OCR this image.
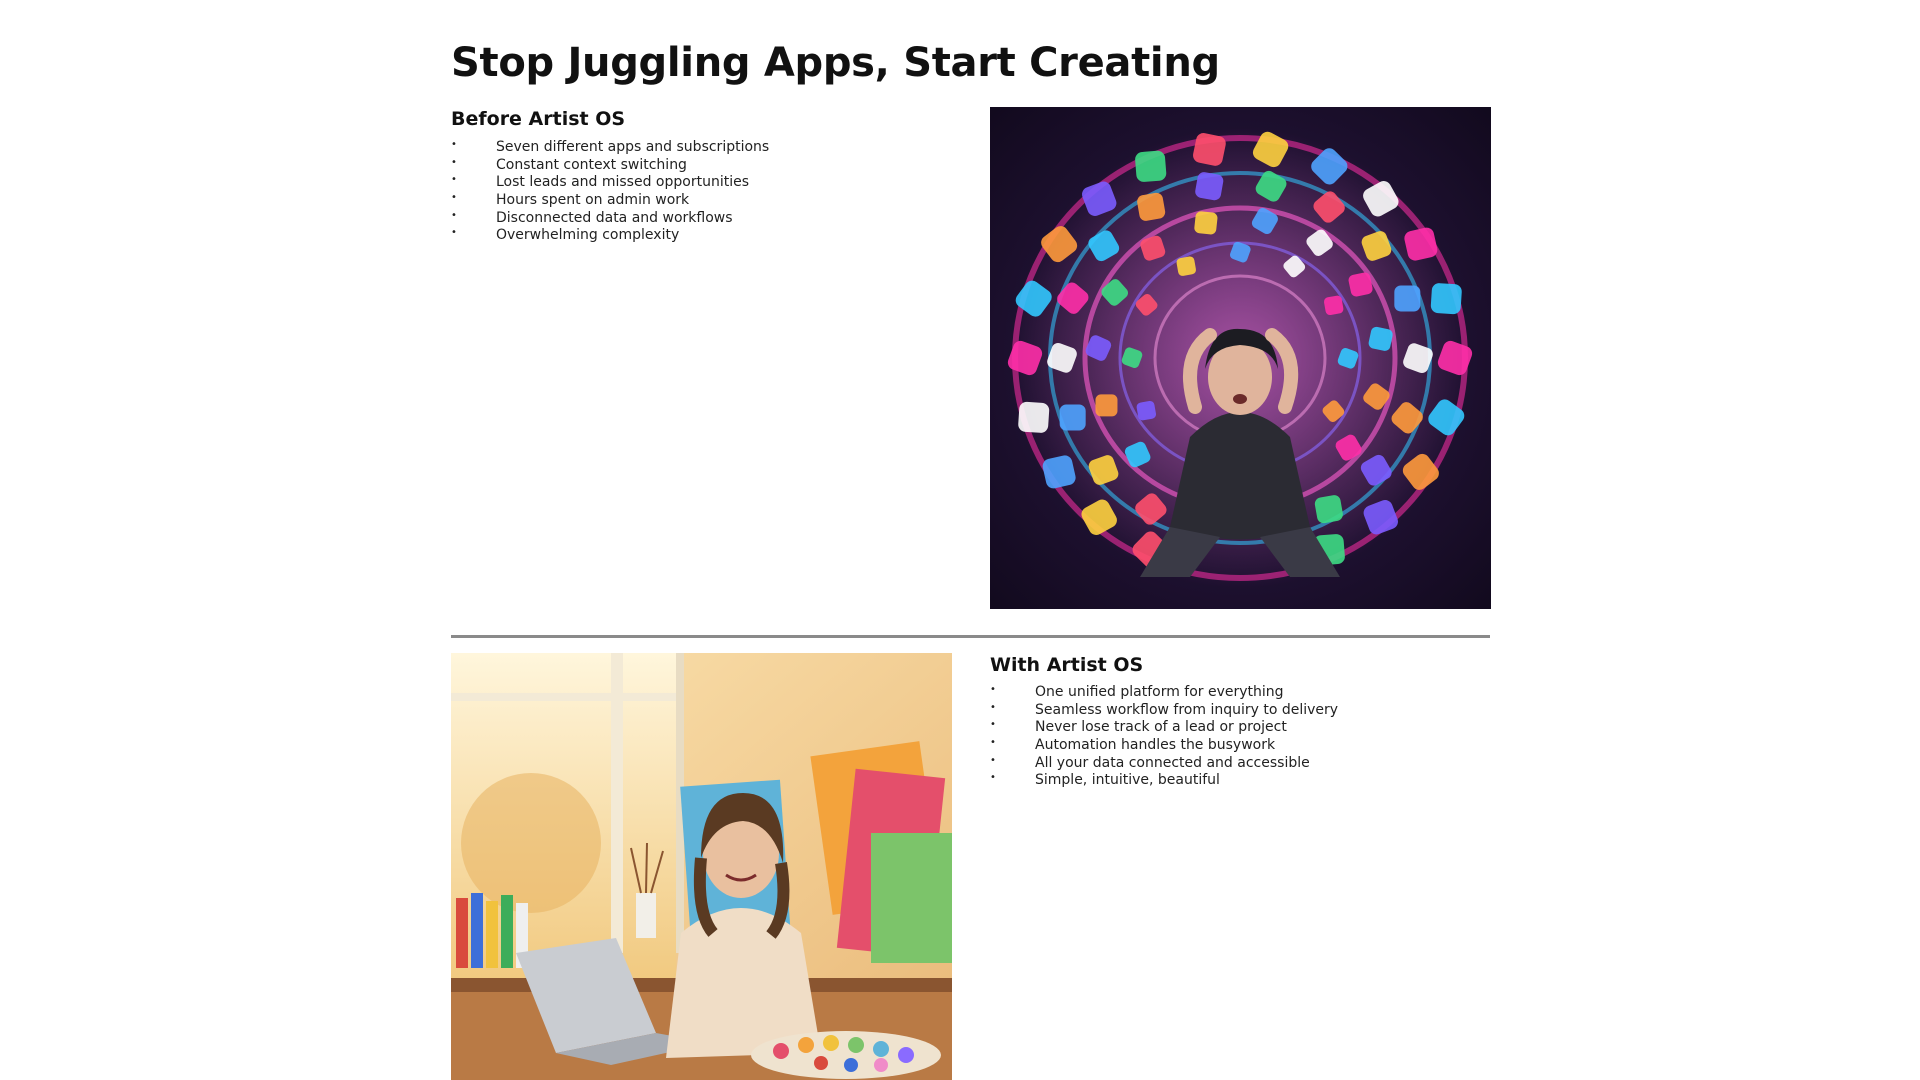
Stop Juggling Apps, Start Creating
Before Artist OS
•	Seven different apps and subscriptions
•	Constant context switching
•	Lost leads and missed opportunities
•	Hours spent on admin work
•	Disconnected data and workflows
•	Overwhelming complexity
With Artist OS
•	One unified platform for everything
•	Seamless workflow from inquiry to delivery
•	Never lose track of a lead or project
•	Automation handles the busywork
•	All your data connected and accessible
•	Simple, intuitive, beautiful
